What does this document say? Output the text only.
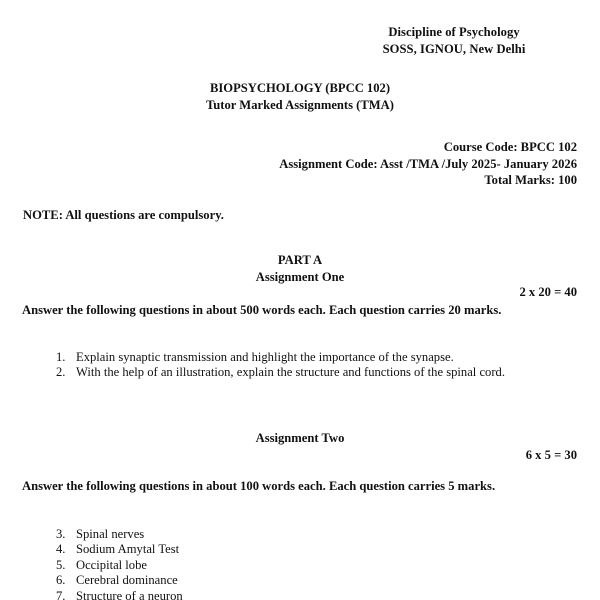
Discipline of Psychology
SOSS, IGNOU, New Delhi
BIOPSYCHOLOGY (BPCC 102)
Tutor Marked Assignments (TMA)
Course Code: BPCC 102
Assignment Code: Asst /TMA /July 2025- January 2026
Total Marks: 100
NOTE: All questions are compulsory.
PART A
Assignment One
2 x 20 = 40
Answer the following questions in about 500 words each. Each question carries 20 marks.
1. Explain synaptic transmission and highlight the importance of the synapse.
2. With the help of an illustration, explain the structure and functions of the spinal cord.
Assignment Two
6 x 5 = 30
Answer the following questions in about 100 words each. Each question carries 5 marks.
3. Spinal nerves
4. Sodium Amytal Test
5. Occipital lobe
6. Cerebral dominance
7. Structure of a neuron
